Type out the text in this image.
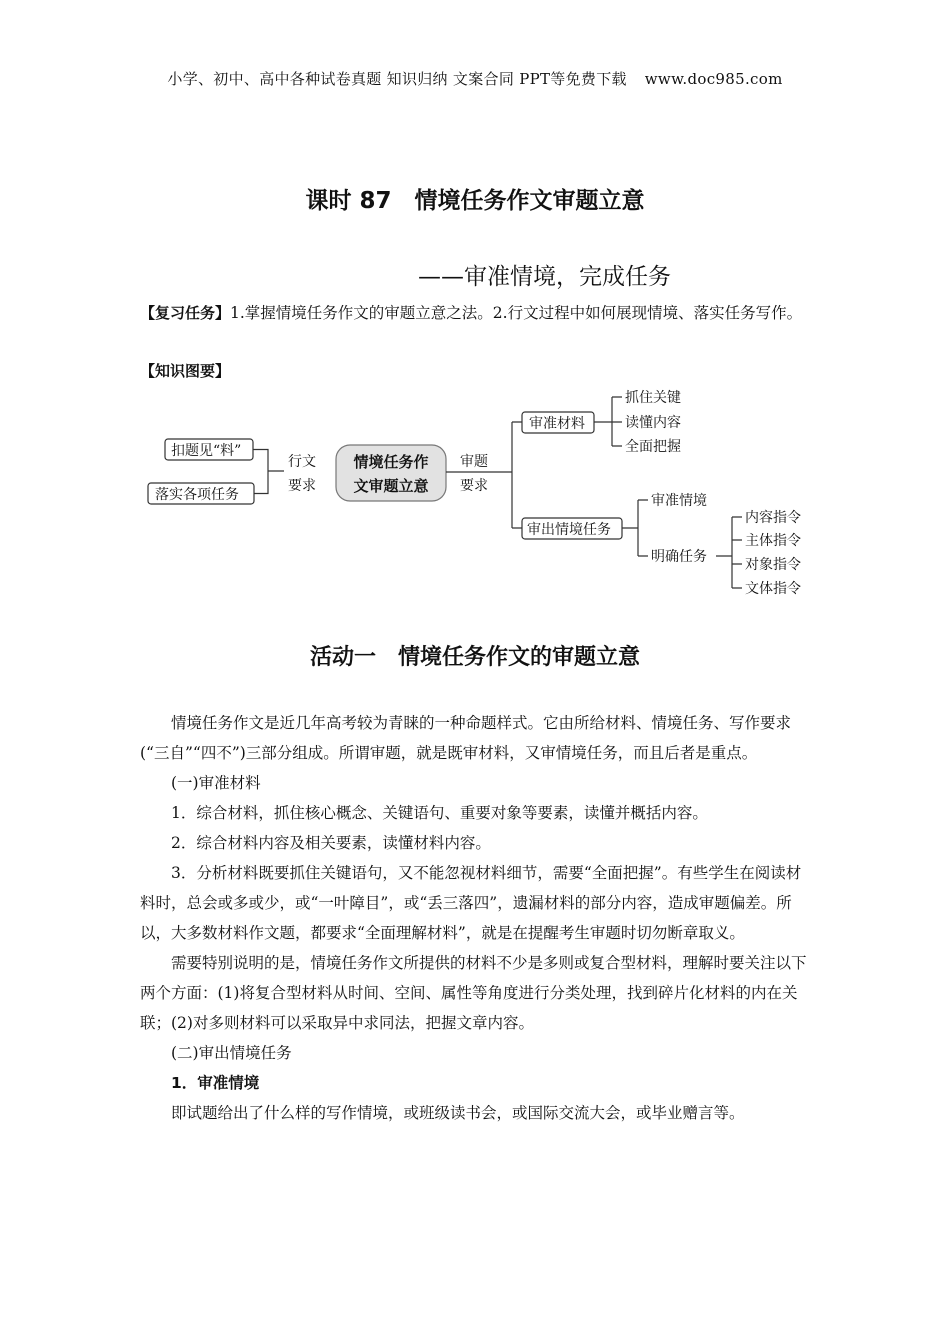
小学、初中、高中各种试卷真题 知识归纳 文案合同 PPT等免费下载 www.doc985.com
课时 87　情境任务作文审题立意
——审准情境，完成任务
【复习任务】1.掌握情境任务作文的审题立意之法。2.行文过程中如何展现情境、落实任务写作。
【知识图要】
扣题见“料”
落实各项任务
行文
要求
情境任务作
文审题立意
审题
要求
审准材料
抓住关键
读懂内容
全面把握
审出情境任务
审准情境
明确任务
内容指令
主体指令
对象指令
文体指令
活动一　情境任务作文的审题立意

情境任务作文是近几年高考较为青睐的一种命题样式。它由所给材料、情境任务、写作要求(“三自”“四不”)三部分组成。所谓审题，就是既审材料，又审情境任务，而且后者是重点。

(一)审准材料

1．综合材料，抓住核心概念、关键语句、重要对象等要素，读懂并概括内容。

2．综合材料内容及相关要素，读懂材料内容。

3．分析材料既要抓住关键语句，又不能忽视材料细节，需要“全面把握”。有些学生在阅读材料时，总会或多或少，或“一叶障目”，或“丢三落四”，遗漏材料的部分内容，造成审题偏差。所以，大多数材料作文题，都要求“全面理解材料”，就是在提醒考生审题时切勿断章取义。

需要特别说明的是，情境任务作文所提供的材料不少是多则或复合型材料，理解时要关注以下两个方面：(1)将复合型材料从时间、空间、属性等角度进行分类处理，找到碎片化材料的内在关联；(2)对多则材料可以采取异中求同法，把握文章内容。

(二)审出情境任务

1．审准情境

即试题给出了什么样的写作情境，或班级读书会，或国际交流大会，或毕业赠言等。
